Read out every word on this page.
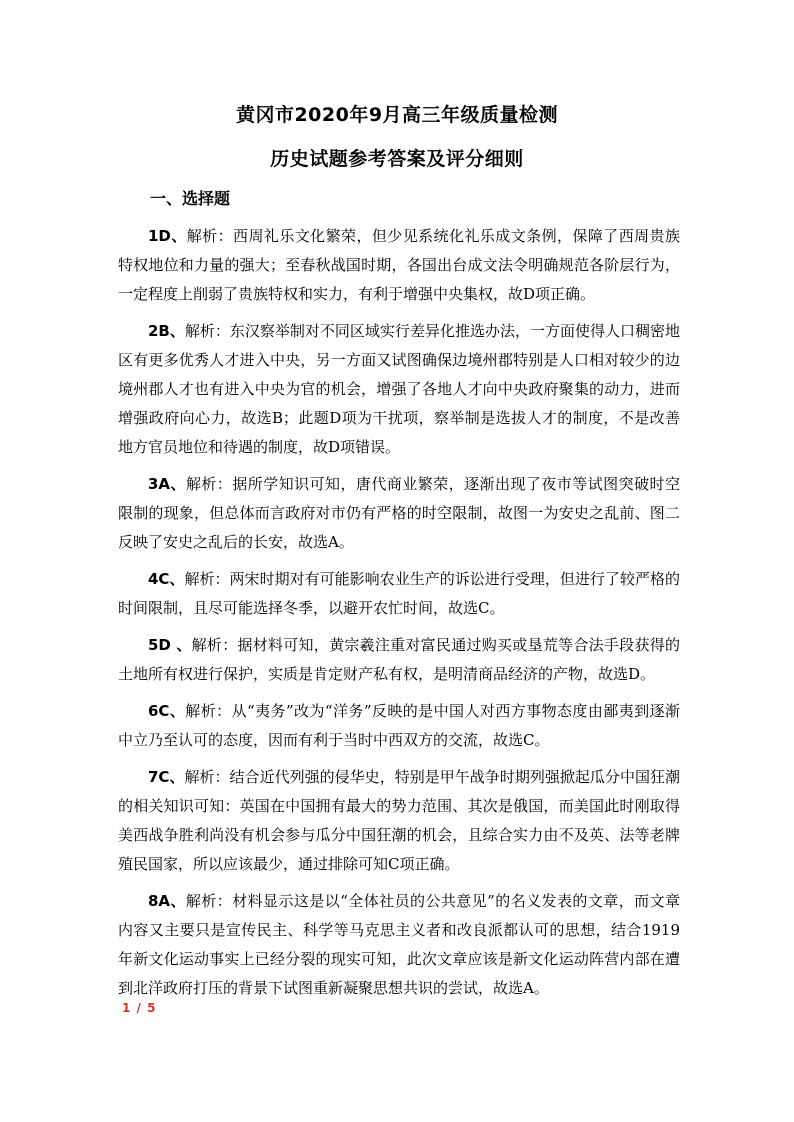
黄冈市2020年9月高三年级质量检测
历史试题参考答案及评分细则
一、选择题

1D、解析：西周礼乐文化繁荣，但少见系统化礼乐成文条例，保障了西周贵族特权地位和力量的强大；至春秋战国时期，各国出台成文法令明确规范各阶层行为，一定程度上削弱了贵族特权和实力，有利于增强中央集权，故D项正确。

2B、解析：东汉察举制对不同区域实行差异化推选办法，一方面使得人口稠密地区有更多优秀人才进入中央，另一方面又试图确保边境州郡特别是人口相对较少的边境州郡人才也有进入中央为官的机会，增强了各地人才向中央政府聚集的动力，进而增强政府向心力，故选B；此题D项为干扰项，察举制是选拔人才的制度，不是改善地方官员地位和待遇的制度，故D项错误。

3A、解析：据所学知识可知，唐代商业繁荣，逐渐出现了夜市等试图突破时空限制的现象，但总体而言政府对市仍有严格的时空限制，故图一为安史之乱前、图二反映了安史之乱后的长安，故选A。

4C、解析：两宋时期对有可能影响农业生产的诉讼进行受理，但进行了较严格的时间限制，且尽可能选择冬季，以避开农忙时间，故选C。

5D 、解析：据材料可知，黄宗羲注重对富民通过购买或垦荒等合法手段获得的土地所有权进行保护，实质是肯定财产私有权，是明清商品经济的产物，故选D。

6C、解析：从“夷务”改为“洋务”反映的是中国人对西方事物态度由鄙夷到逐渐中立乃至认可的态度，因而有利于当时中西双方的交流，故选C。

7C、解析：结合近代列强的侵华史，特别是甲午战争时期列强掀起瓜分中国狂潮的相关知识可知：英国在中国拥有最大的势力范围、其次是俄国，而美国此时刚取得美西战争胜利尚没有机会参与瓜分中国狂潮的机会，且综合实力由不及英、法等老牌殖民国家，所以应该最少，通过排除可知C项正确。

8A、解析：材料显示这是以“全体社员的公共意见”的名义发表的文章，而文章内容又主要只是宣传民主、科学等马克思主义者和改良派都认可的思想，结合1919年新文化运动事实上已经分裂的现实可知，此次文章应该是新文化运动阵营内部在遭到北洋政府打压的背景下试图重新凝聚思想共识的尝试，故选A。

1 / 5
